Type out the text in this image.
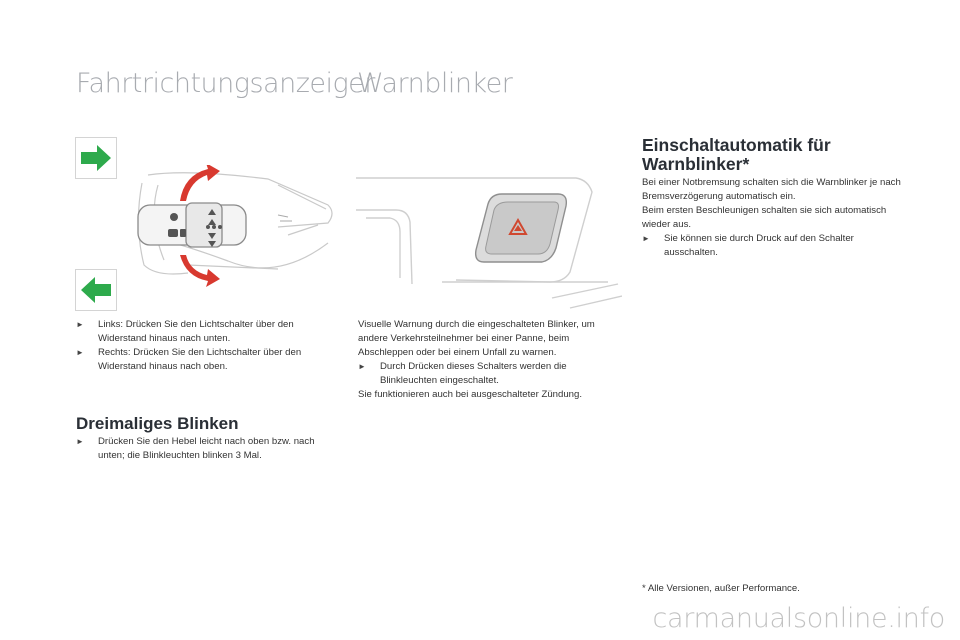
Fahrtrichtungsanzeiger
Warnblinker
►	Links: Drücken Sie den Lichtschalter über den Widerstand hinaus nach unten.
►	Rechts: Drücken Sie den Lichtschalter über den Widerstand hinaus nach oben.
Dreimaliges Blinken
►	Drücken Sie den Hebel leicht nach oben bzw. nach unten; die Blinkleuchten blinken 3 Mal.
Visuelle Warnung durch die eingeschalteten Blinker, um andere Verkehrsteilnehmer bei einer Panne, beim Abschleppen oder bei einem Unfall zu warnen.
►	Durch Drücken dieses Schalters werden die Blinkleuchten eingeschaltet.
Sie funktionieren auch bei ausgeschalteter Zündung.
Einschaltautomatik für
Warnblinker*
Bei einer Notbremsung schalten sich die Warnblinker je nach Bremsverzögerung automatisch ein.
Beim ersten Beschleunigen schalten sie sich automatisch wieder aus.
►	Sie können sie durch Druck auf den Schalter ausschalten.
* Alle Versionen, außer Performance.
carmanualsonline.info
